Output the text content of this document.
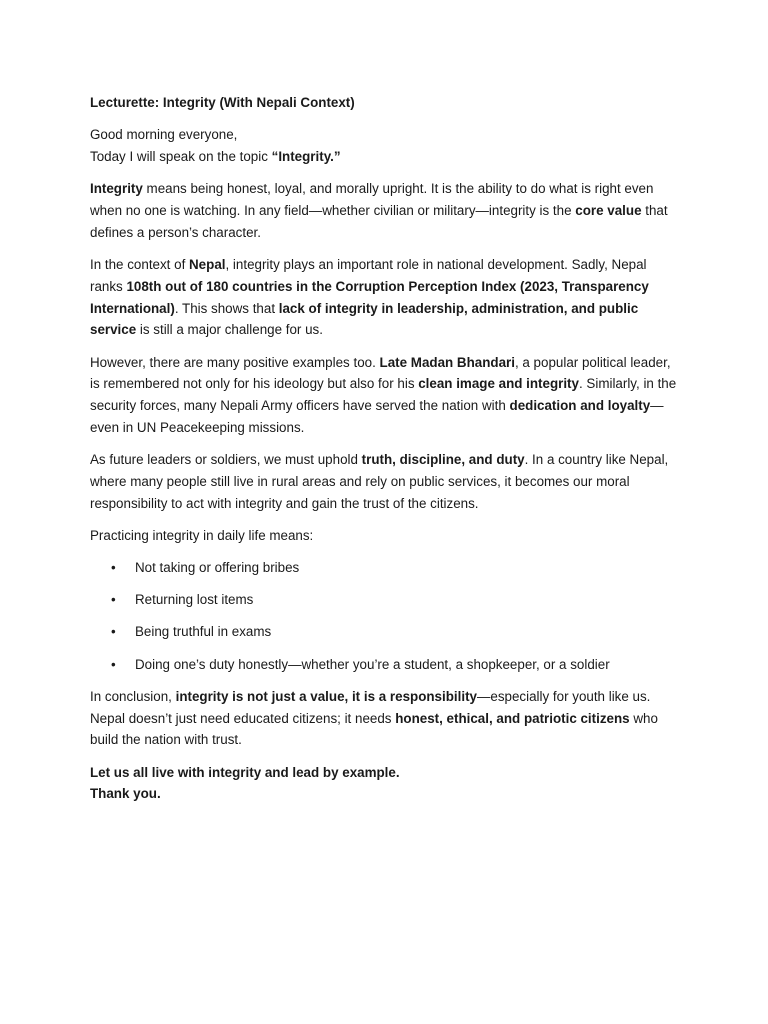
Lecturette: Integrity (With Nepali Context)

Good morning everyone,
Today I will speak on the topic “Integrity.”

Integrity means being honest, loyal, and morally upright. It is the ability to do what is right even when no one is watching. In any field—whether civilian or military—integrity is the core value that defines a person’s character.

In the context of Nepal, integrity plays an important role in national development. Sadly, Nepal ranks 108th out of 180 countries in the Corruption Perception Index (2023, Transparency International). This shows that lack of integrity in leadership, administration, and public service is still a major challenge for us.

However, there are many positive examples too. Late Madan Bhandari, a popular political leader, is remembered not only for his ideology but also for his clean image and integrity. Similarly, in the security forces, many Nepali Army officers have served the nation with dedication and loyalty—even in UN Peacekeeping missions.

As future leaders or soldiers, we must uphold truth, discipline, and duty. In a country like Nepal, where many people still live in rural areas and rely on public services, it becomes our moral responsibility to act with integrity and gain the trust of the citizens.

Practicing integrity in daily life means:

• Not taking or offering bribes
• Returning lost items
• Being truthful in exams
• Doing one’s duty honestly—whether you’re a student, a shopkeeper, or a soldier

In conclusion, integrity is not just a value, it is a responsibility—especially for youth like us. Nepal doesn’t just need educated citizens; it needs honest, ethical, and patriotic citizens who build the nation with trust.

Let us all live with integrity and lead by example.
Thank you.
